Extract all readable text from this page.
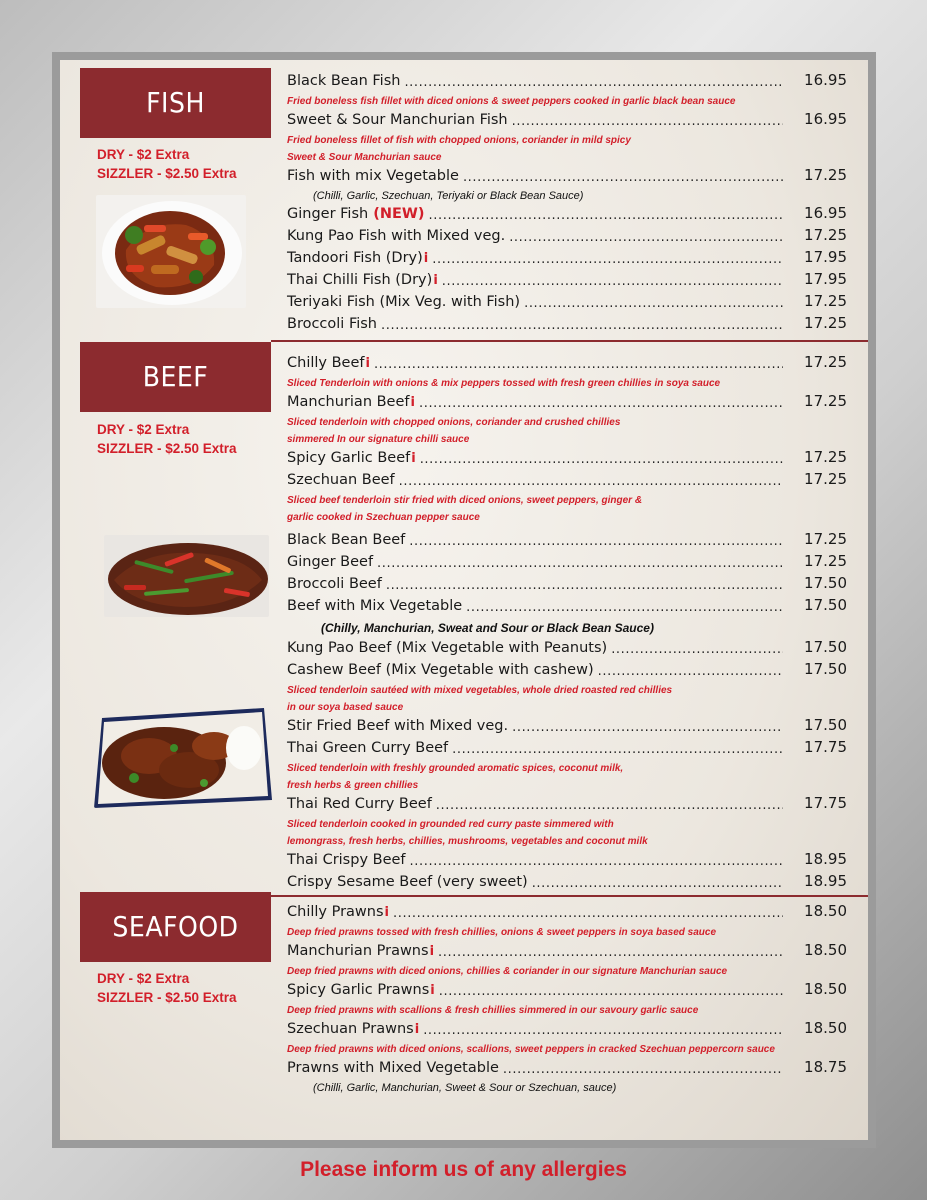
FISH
DRY - $2 Extra
SIZZLER - $2.50 Extra
Black Bean Fish .....	16.95
Fried boneless fish fillet with diced onions & sweet peppers cooked in garlic black bean sauce
Sweet & Sour Manchurian Fish .....	16.95
Fried boneless fillet of fish with chopped onions, coriander in mild spicy
Sweet & Sour Manchurian sauce
Fish with mix Vegetable .....	17.25
(Chilli, Garlic, Szechuan, Teriyaki or Black Bean Sauce)
Ginger Fish (NEW) .....	16.95
Kung Pao Fish with Mixed veg. .....	17.25
Tandoori Fish (Dry) i .....	17.95
Thai Chilli Fish (Dry) i .....	17.95
Teriyaki Fish (Mix Veg. with Fish) .....	17.25
Broccoli Fish .....	17.25
BEEF
DRY - $2 Extra
SIZZLER - $2.50 Extra
Chilly Beef i .....	17.25
Sliced Tenderloin with onions & mix peppers tossed with fresh green chillies in soya sauce
Manchurian Beef i .....	17.25
Sliced tenderloin with chopped onions, coriander and crushed chillies
simmered In our signature chilli sauce
Spicy Garlic Beef i .....	17.25
Szechuan Beef .....	17.25
Sliced beef tenderloin stir fried with diced onions, sweet peppers, ginger &
garlic cooked in Szechuan pepper sauce
Black Bean Beef .....	17.25
Ginger Beef .....	17.25
Broccoli Beef .....	17.50
Beef with Mix Vegetable .....	17.50
(Chilly, Manchurian, Sweat and Sour or Black Bean Sauce)
Kung Pao Beef (Mix Vegetable with Peanuts) .....	17.50
Cashew Beef (Mix Vegetable with cashew) .....	17.50
Sliced tenderloin sautéed with mixed vegetables, whole dried roasted red chillies
in our soya based sauce
Stir Fried Beef with Mixed veg. .....	17.50
Thai Green Curry Beef .....	17.75
Sliced tenderloin with freshly grounded aromatic spices, coconut milk,
fresh herbs & green chillies
Thai Red Curry Beef .....	17.75
Sliced tenderloin cooked in grounded red curry paste simmered with
lemongrass, fresh herbs, chillies, mushrooms, vegetables and coconut milk
Thai Crispy Beef .....	18.95
Crispy Sesame Beef (very sweet) .....	18.95
SEAFOOD
DRY - $2 Extra
SIZZLER - $2.50 Extra
Chilly Prawns i .....	18.50
Deep fried prawns tossed with fresh chillies, onions & sweet peppers in soya based sauce
Manchurian Prawns i .....	18.50
Deep fried prawns with diced onions, chillies & coriander in our signature Manchurian sauce
Spicy Garlic Prawns i .....	18.50
Deep fried prawns with scallions & fresh chillies simmered in our savoury garlic sauce
Szechuan Prawns i .....	18.50
Deep fried prawns with diced onions, scallions, sweet peppers in cracked Szechuan peppercorn sauce
Prawns with Mixed Vegetable .....	18.75
(Chilli, Garlic, Manchurian, Sweet & Sour or Szechuan, sauce)
Please inform us of any allergies
